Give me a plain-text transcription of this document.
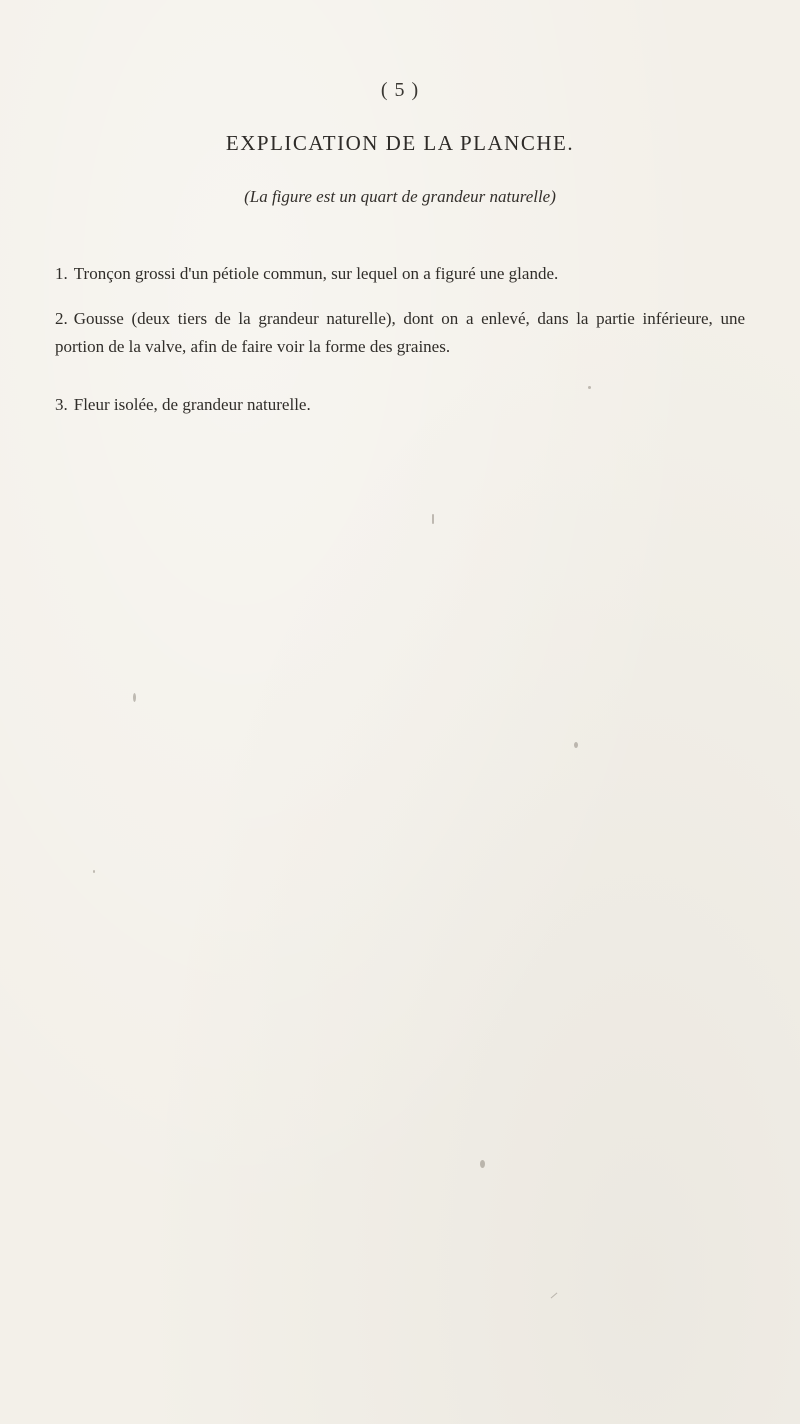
( 5 )
EXPLICATION DE LA PLANCHE.
(La figure est un quart de grandeur naturelle)
1. Tronçon grossi d'un pétiole commun, sur lequel on a figuré une glande.
2. Gousse (deux tiers de la grandeur naturelle), dont on a enlevé, dans la partie inférieure, une portion de la valve, afin de faire voir la forme des graines.
3. Fleur isolée, de grandeur naturelle.
